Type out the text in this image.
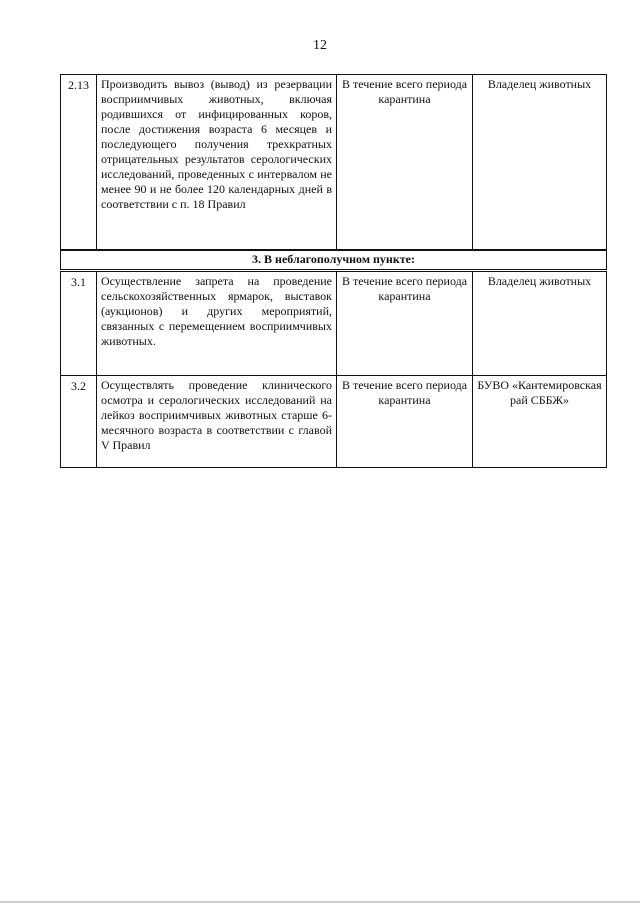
12
2.13	Производить вывоз (вывод) из резервации восприимчивых животных, включая родившихся от инфицированных коров, после достижения возраста 6 месяцев и последующего получения трехкратных отрицательных результатов серологических исследований, проведенных с интервалом не менее 90 и не более 120 календарных дней в соответствии с п. 18 Правил	В течение всего периода карантина	Владелец животных
3. В неблагополучном пункте:			
3.1	Осуществление запрета на проведение сельскохозяйственных ярмарок, выставок (аукционов) и других мероприятий, связанных с перемещением восприимчивых животных.	В течение всего периода карантина	Владелец животных
3.2	Осуществлять проведение клинического осмотра и серологических исследований на лейкоз восприимчивых животных старше 6-месячного возраста в соответствии с главой V Правил	В течение всего периода карантина	БУВО «Кантемировская рай СББЖ»
